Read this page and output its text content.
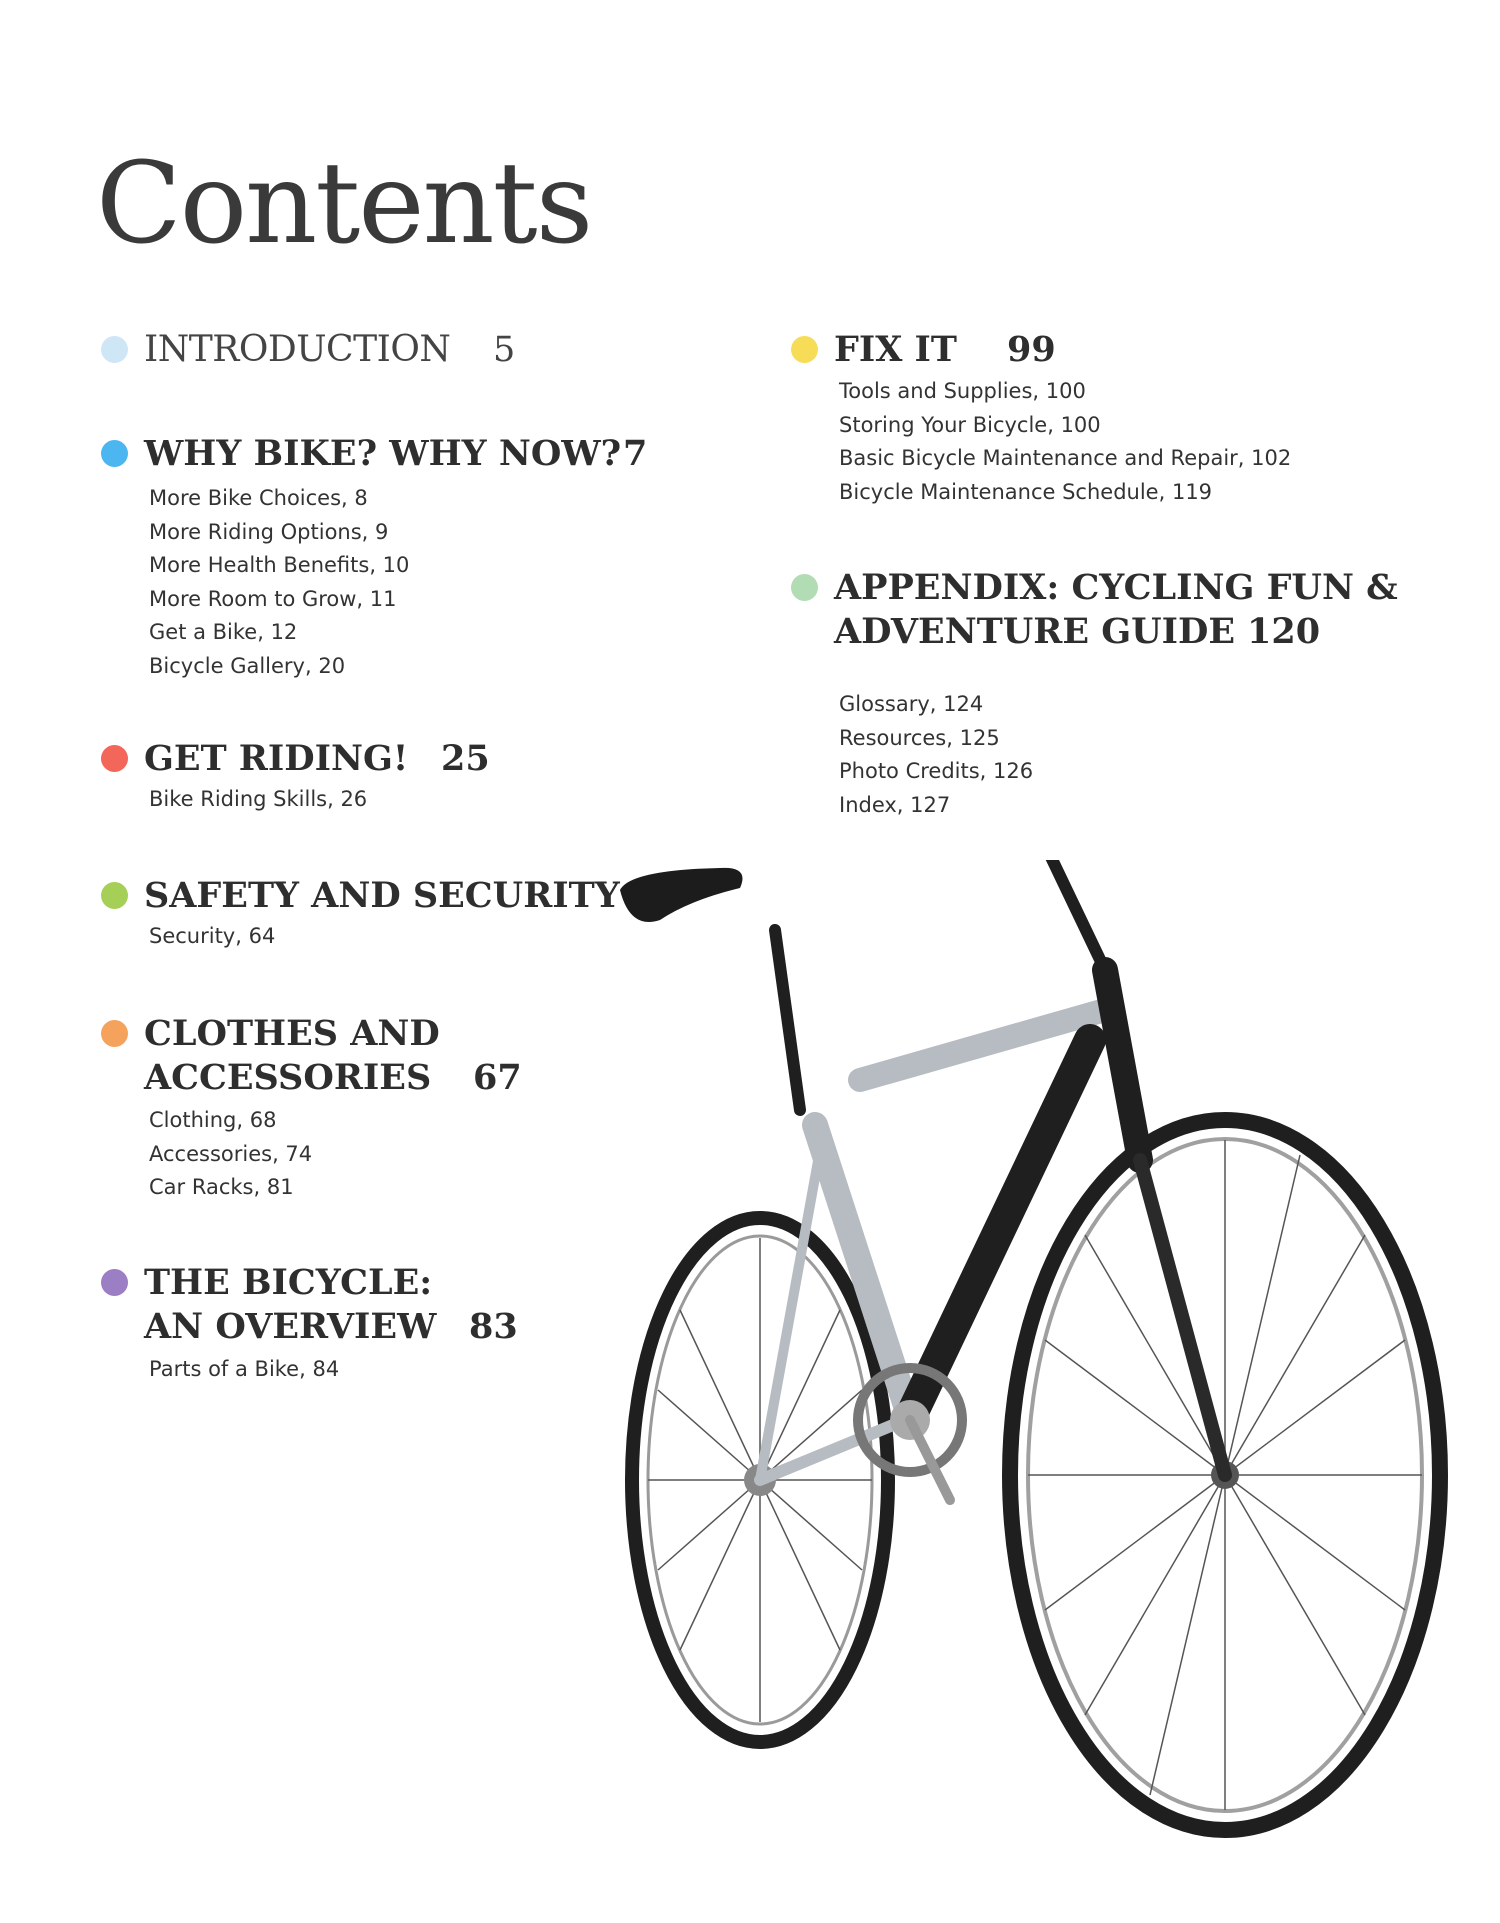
Contents
INTRODUCTION 5
WHY BIKE? WHY NOW? 7
More Bike Choices, 8
More Riding Options, 9
More Health Benefits, 10
More Room to Grow, 11
Get a Bike, 12
Bicycle Gallery, 20
GET RIDING! 25
Bike Riding Skills, 26
SAFETY AND SECURITY
Security, 64
CLOTHES AND
ACCESSORIES 67
Clothing, 68
Accessories, 74
Car Racks, 81
THE BICYCLE:
AN OVERVIEW 83
Parts of a Bike, 84
FIX IT 99
Tools and Supplies, 100
Storing Your Bicycle, 100
Basic Bicycle Maintenance and Repair, 102
Bicycle Maintenance Schedule, 119
APPENDIX: CYCLING FUN &
ADVENTURE GUIDE 120
Glossary, 124
Resources, 125
Photo Credits, 126
Index, 127
